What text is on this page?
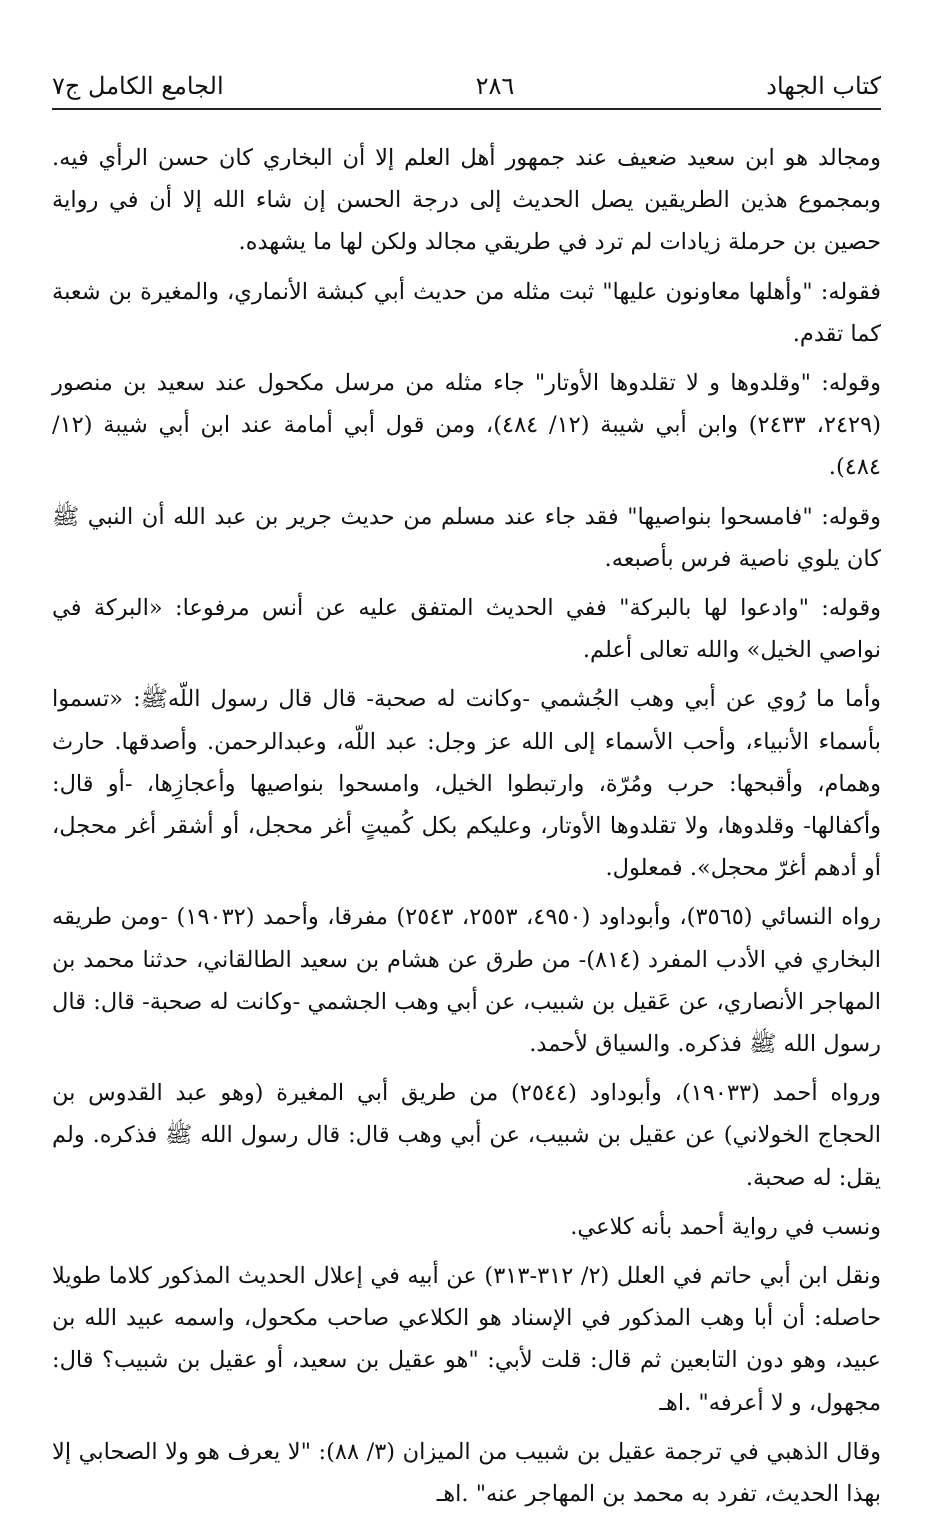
كتاب الجهاد
٢٨٦
الجامع الكامل ج٧

ومجالد هو ابن سعيد ضعيف عند جمهور أهل العلم إلا أن البخاري كان حسن الرأي فيه. وبمجموع هذين الطريقين يصل الحديث إلى درجة الحسن إن شاء الله إلا أن في رواية حصين بن حرملة زيادات لم ترد في طريقي مجالد ولكن لها ما يشهده.

فقوله: "وأهلها معاونون عليها" ثبت مثله من حديث أبي كبشة الأنماري، والمغيرة بن شعبة كما تقدم.

وقوله: "وقلدوها و لا تقلدوها الأوتار" جاء مثله من مرسل مكحول عند سعيد بن منصور (٢٤٢٩، ٢٤٣٣) وابن أبي شيبة (١٢/ ٤٨٤)، ومن قول أبي أمامة عند ابن أبي شيبة (١٢/ ٤٨٤).

وقوله: "فامسحوا بنواصيها" فقد جاء عند مسلم من حديث جرير بن عبد الله أن النبي ﷺ كان يلوي ناصية فرس بأصبعه.

وقوله: "وادعوا لها بالبركة" ففي الحديث المتفق عليه عن أنس مرفوعا: «البركة في نواصي الخيل» والله تعالى أعلم.

وأما ما رُوي عن أبي وهب الجُشمي -وكانت له صحبة- قال قال رسول اللّهﷺ: «تسموا بأسماء الأنبياء، وأحب الأسماء إلى الله عز وجل: عبد اللّه، وعبدالرحمن. وأصدقها. حارث وهمام، وأقبحها: حرب ومُرّة، وارتبطوا الخيل، وامسحوا بنواصيها وأعجازِها، -أو قال: وأكفالها- وقلدوها، ولا تقلدوها الأوتار، وعليكم بكل كُميتٍ أغر محجل، أو أشقر أغر محجل، أو أدهم أغرّ محجل». فمعلول.

رواه النسائي (٣٥٦٥)، وأبوداود (٤٩٥٠، ٢٥٥٣، ٢٥٤٣) مفرقا، وأحمد (١٩٠٣٢) -ومن طريقه البخاري في الأدب المفرد (٨١٤)- من طرق عن هشام بن سعيد الطالقاني، حدثنا محمد بن المهاجر الأنصاري، عن عَقيل بن شبيب، عن أبي وهب الجشمي -وكانت له صحبة- قال: قال رسول الله ﷺ فذكره. والسياق لأحمد.

ورواه أحمد (١٩٠٣٣)، وأبوداود (٢٥٤٤) من طريق أبي المغيرة (وهو عبد القدوس بن الحجاج الخولاني) عن عقيل بن شبيب، عن أبي وهب قال: قال رسول الله ﷺ فذكره. ولم يقل: له صحبة.

ونسب في رواية أحمد بأنه كلاعي.

ونقل ابن أبي حاتم في العلل (٢/ ٣١٢-٣١٣) عن أبيه في إعلال الحديث المذكور كلاما طويلا حاصله: أن أبا وهب المذكور في الإسناد هو الكلاعي صاحب مكحول، واسمه عبيد الله بن عبيد، وهو دون التابعين ثم قال: قلت لأبي: "هو عقيل بن سعيد، أو عقيل بن شبيب؟ قال: مجهول، و لا أعرفه" .اهـ

وقال الذهبي في ترجمة عقيل بن شبيب من الميزان (٣/ ٨٨): "لا يعرف هو ولا الصحابي إلا بهذا الحديث، تفرد به محمد بن المهاجر عنه" .اهـ
